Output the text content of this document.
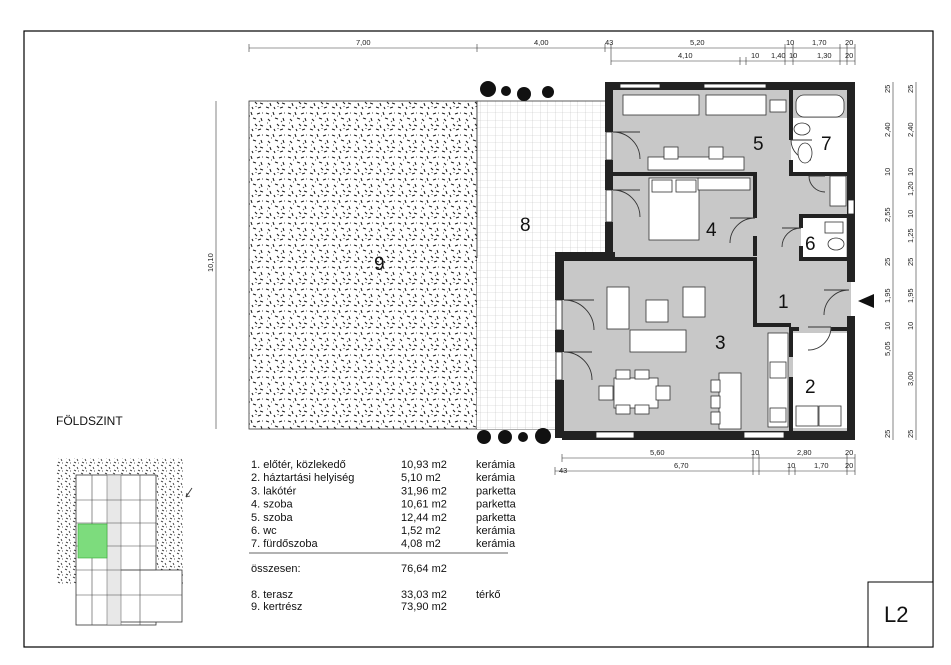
9
8
5	7
4
6
1
3
2
7,00	4,00	43	5,20	10 1,70 20
4,10	10 1,40 10	1,30 20
5,60	10	2,80	20
43
6,70	10 1,70 20
25
2,40
10
2,55
25
1,95
10
5,05
25
25
2,40
10
1,20
10
1,25
25
1,95
10
3,00
25
10,10
FÖLDSZINT
L2
1. előtér, közlekedő	10,93 m2	kerámia
2. háztartási helyiség	5,10 m2	kerámia
3. lakótér	31,96 m2	parketta
4. szoba	10,61 m2	parketta
5. szoba	12,44 m2	parketta
6. wc	1,52 m2	kerámia
7. fürdőszoba	4,08 m2	kerámia
összesen:	76,64 m2
8. terasz	33,03 m2	térkő
9. kertrész	73,90 m2
